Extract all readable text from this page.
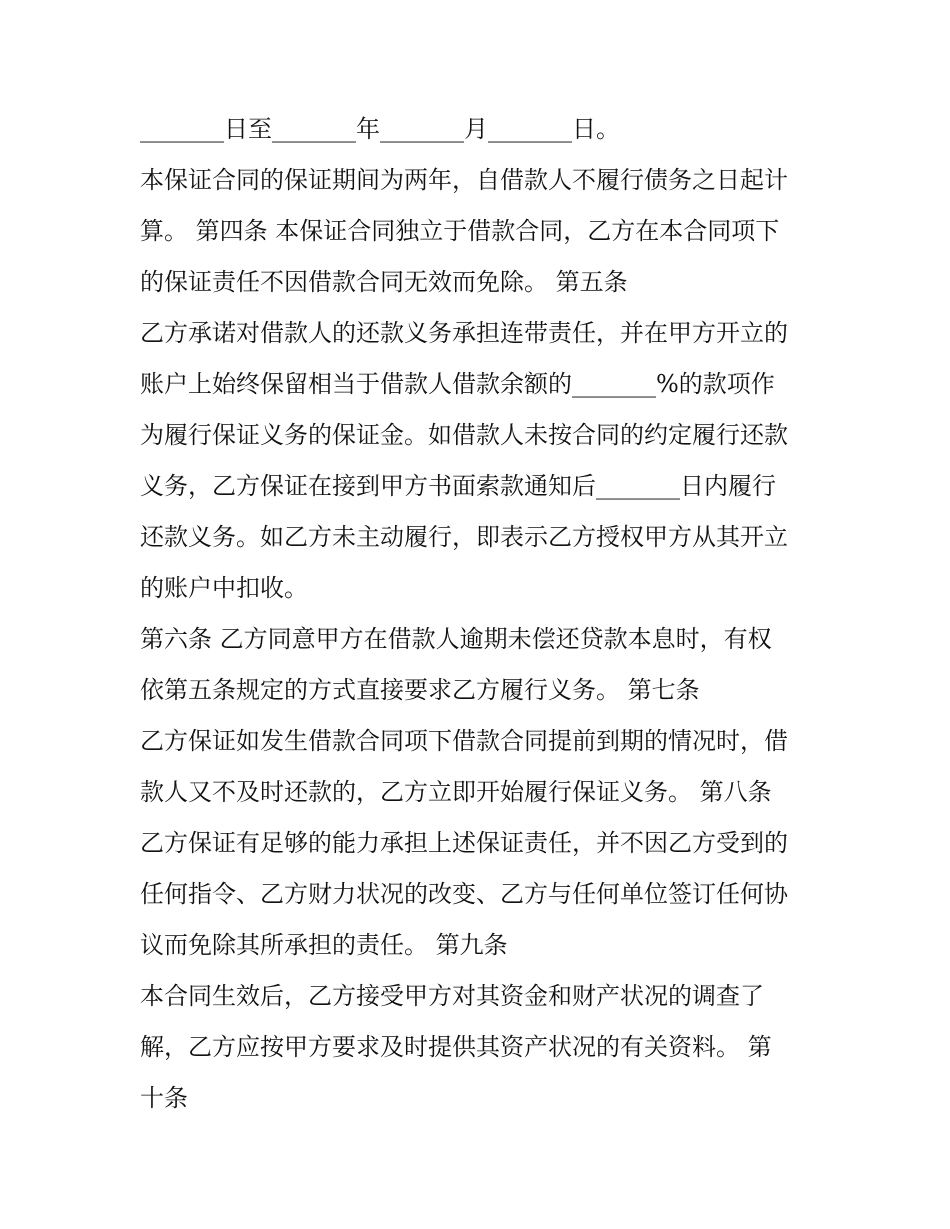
_______日至_______年_______月_______日。
本保证合同的保证期间为两年，自借款人不履行债务之日起计
算。 第四条 本保证合同独立于借款合同，乙方在本合同项下
的保证责任不因借款合同无效而免除。 第五条
乙方承诺对借款人的还款义务承担连带责任，并在甲方开立的
账户上始终保留相当于借款人借款余额的_______%的款项作
为履行保证义务的保证金。如借款人未按合同的约定履行还款
义务，乙方保证在接到甲方书面索款通知后_______日内履行
还款义务。如乙方未主动履行，即表示乙方授权甲方从其开立
的账户中扣收。
第六条 乙方同意甲方在借款人逾期未偿还贷款本息时，有权
依第五条规定的方式直接要求乙方履行义务。 第七条
乙方保证如发生借款合同项下借款合同提前到期的情况时，借
款人又不及时还款的，乙方立即开始履行保证义务。 第八条
乙方保证有足够的能力承担上述保证责任，并不因乙方受到的
任何指令、乙方财力状况的改变、乙方与任何单位签订任何协
议而免除其所承担的责任。 第九条
本合同生效后，乙方接受甲方对其资金和财产状况的调查了
解，乙方应按甲方要求及时提供其资产状况的有关资料。 第
十条
